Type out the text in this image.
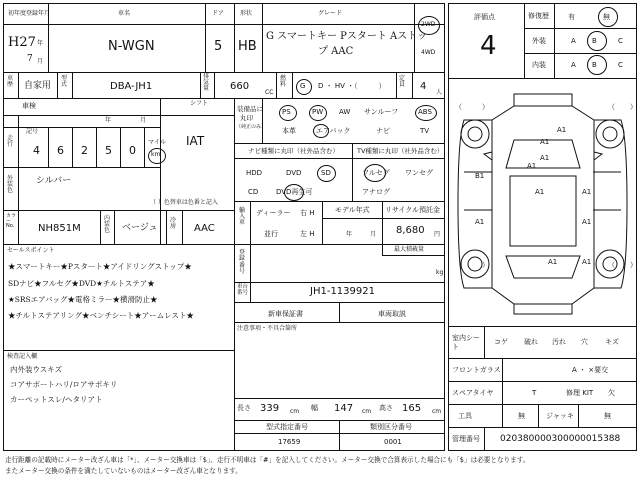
初年度登録年月
H27 年
7 月
車名
N-WGN
ドア
5
形状
HB
グレード
G スマートキー Pスタート Aストッ
プ AAC
2WD
4WD
車歴 自家用
型式	DBA-JH1
排気量 660
CC
燃料 G D ・ HV ・（　　　）
定員 4
人
車検
年	月
記号
シフト
IAT
走行 4 6 2 5 0
マイル
km
外装色
シルバー
（ ）色替車は色番と記入
カラーNo. NH851M
内装色 ベージュ
冷房 AAC
装備品に
丸印
（純正のみ）
PS	PW AW サンルーフ	ABS
本革	エアバック	ナビ	TV
ナビ種類に丸印（社外品含む）	TV種類に丸印（社外品含む）
HDD	DVD	SD	フルセグ ワンセグ
CD	DVD再生可	アナログ
輸入車
ディーラー 右 H
並行	左 H
モデル年式
年	月
リサイクル預託金
8,680 円
最大積載量
kg
登録番号
車台番号	JH1-1139921
新車保証書	車両取説
注意事項・不具合箇所
セールスポイント
★スマートキー★Pスタート★アイドリングストップ★
SDナビ★フルセグ★DVD★チルトステア★
★SRSエアバッグ★電格ミラー★横滑防止★
★チルトステアリング★ベンチシート★アームレスト★
検査記入欄
内外装ウスキズ
コアサポートハリ/ロアサポキリ
カーペットスレ/ヘタリアト
長さ 339 cm 幅 147 cm 高さ 165 cm
型式指定番号
17659
類別区分番号
0001
評価点
4
修復歴	有	無
外装	A B	C
内装	A B	C
（	）	（ ）
（	）	（ ）
A1
A1
A1
A1
B1
A1	A1
A1	A1
A1	A1
室内シート
コゲ 破れ 汚れ 穴 キズ
フロントガラス	A ・ ×要交
スペアタイヤ	T	修理 KIT 欠
工具	無	ジャッキ	無
管理番号 020380000300000015388
走行距離の記載時にメーター改ざん車は「*」、メーター交換車は「$」、走行不明車は「#」を記入してください。メーター交換で合算表示した場合にも「$」は必要となります。
またメーター交換の条件を満たしていないものはメーター改ざん車となります。
